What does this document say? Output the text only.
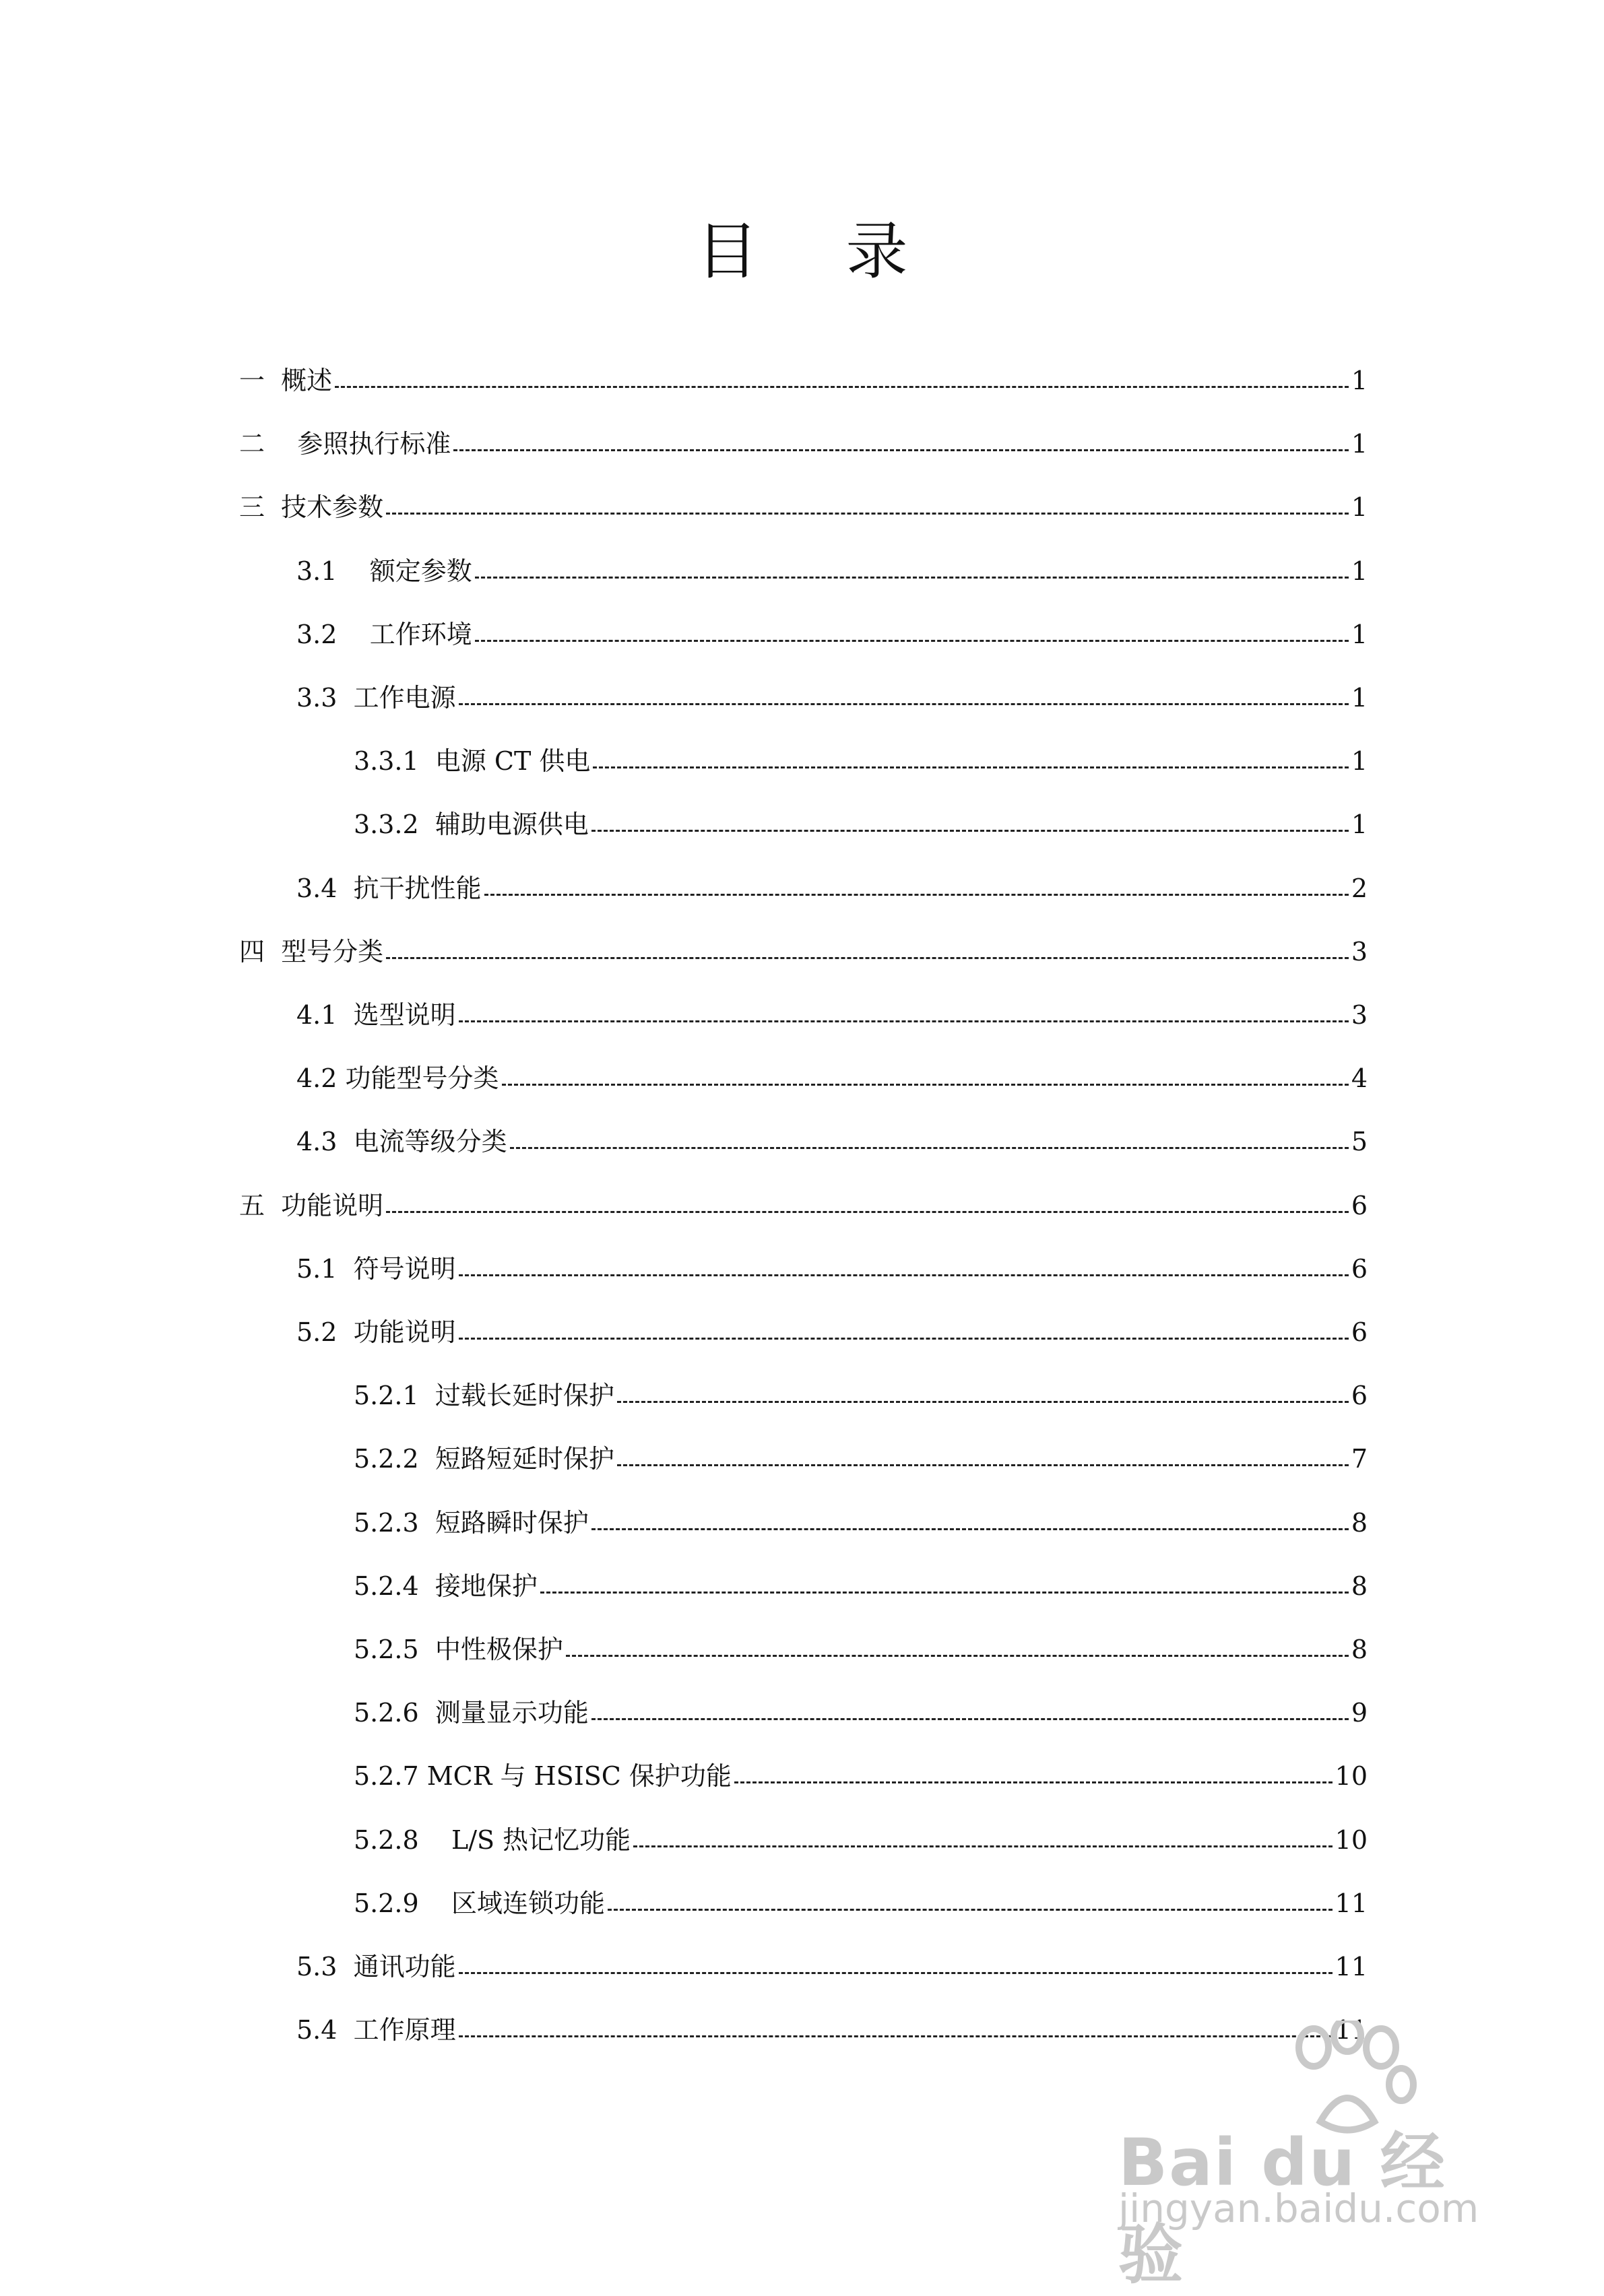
目录
一  概述	1
二    参照执行标准	1
三  技术参数	1
3.1    额定参数	1
3.2    工作环境	1
3.3  工作电源	1
3.3.1  电源 CT 供电	1
3.3.2  辅助电源供电	1
3.4  抗干扰性能	2
四  型号分类	3
4.1  选型说明	3
4.2 功能型号分类	4
4.3  电流等级分类	5
五  功能说明	6
5.1  符号说明	6
5.2  功能说明	6
5.2.1  过载长延时保护	6
5.2.2  短路短延时保护	7
5.2.3  短路瞬时保护	8
5.2.4  接地保护	8
5.2.5  中性极保护	8
5.2.6  测量显示功能	9
5.2.7 MCR 与 HSISC 保护功能	10
5.2.8    L/S 热记忆功能	10
5.2.9    区域连锁功能	11
5.3  通讯功能	11
5.4  工作原理	11
Bai du 经验
jingyan.baidu.com
